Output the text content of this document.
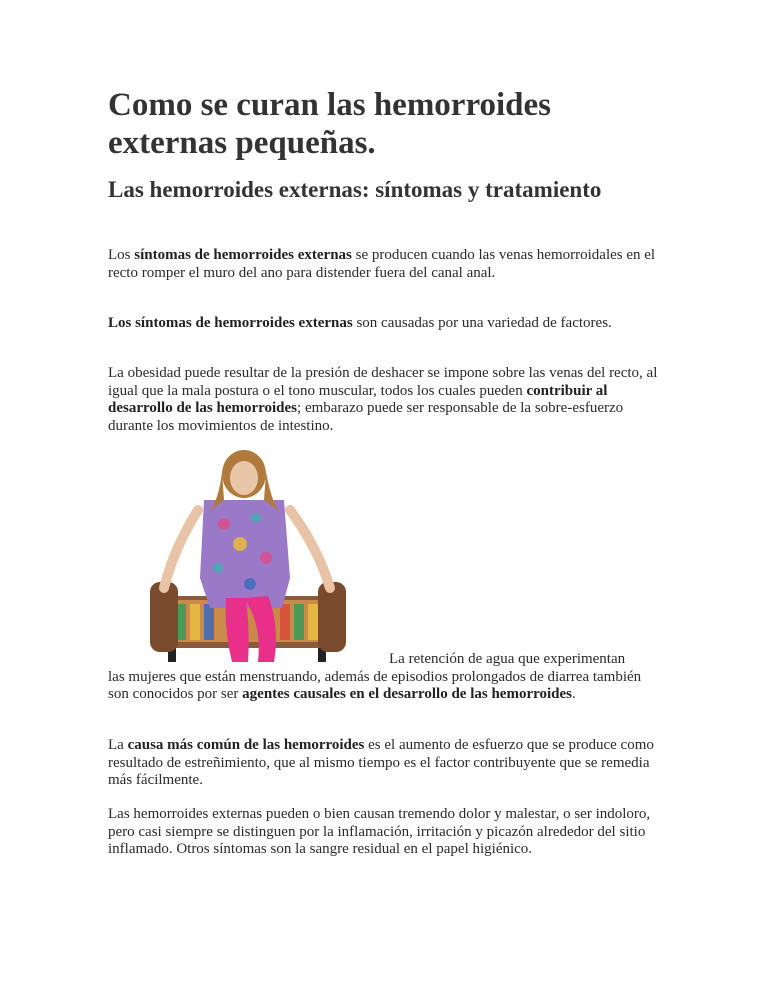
Como se curan las hemorroides externas pequeñas.
Las hemorroides externas: síntomas y tratamiento

Los síntomas de hemorroides externas se producen cuando las venas hemorroidales en el recto romper el muro del ano para distender fuera del canal anal.

Los síntomas de hemorroides externas son causadas por una variedad de factores.

La obesidad puede resultar de la presión de deshacer se impone sobre las venas del recto, al igual que la mala postura o el tono muscular, todos los cuales pueden contribuir al desarrollo de las hemorroides; embarazo puede ser responsable de la sobre-esfuerzo durante los movimientos de intestino.

La retención de agua que experimentan
las mujeres que están menstruando, además de episodios prolongados de diarrea también son conocidos por ser agentes causales en el desarrollo de las hemorroides.

La causa más común de las hemorroides es el aumento de esfuerzo que se produce como resultado de estreñimiento, que al mismo tiempo es el factor contribuyente que se remedia más fácilmente.

Las hemorroides externas pueden o bien causan tremendo dolor y malestar, o ser indoloro, pero casi siempre se distinguen por la inflamación, irritación y picazón alrededor del sitio inflamado. Otros síntomas son la sangre residual en el papel higiénico.
